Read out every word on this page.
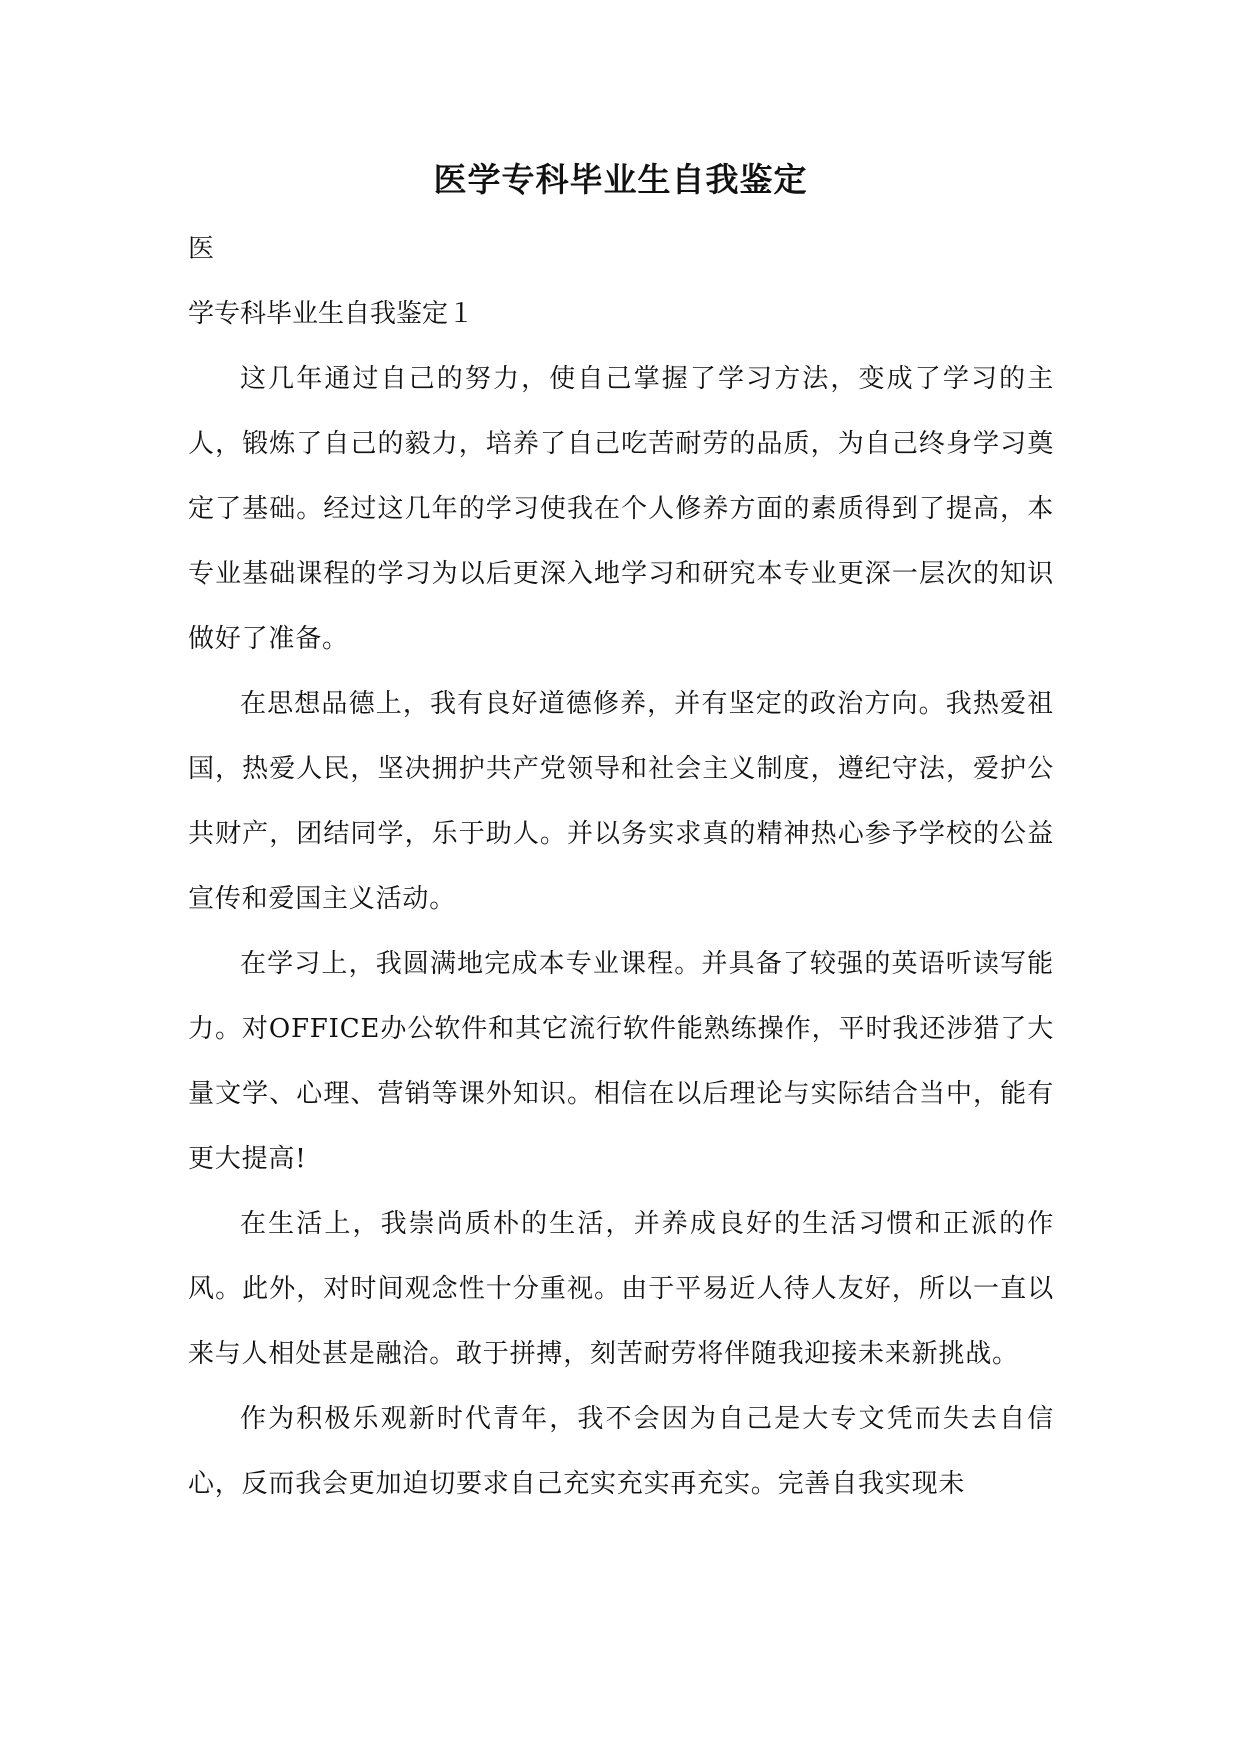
医学专科毕业生自我鉴定

医

学专科毕业生自我鉴定１

这几年通过自己的努力，使自己掌握了学习方法，变成了学习的主人，锻炼了自己的毅力，培养了自己吃苦耐劳的品质，为自己终身学习奠定了基础。经过这几年的学习使我在个人修养方面的素质得到了提高，本专业基础课程的学习为以后更深入地学习和研究本专业更深一层次的知识做好了准备。

在思想品德上，我有良好道德修养，并有坚定的政治方向。我热爱祖国，热爱人民，坚决拥护共产党领导和社会主义制度，遵纪守法，爱护公共财产，团结同学，乐于助人。并以务实求真的精神热心参予学校的公益宣传和爱国主义活动。

在学习上，我圆满地完成本专业课程。并具备了较强的英语听读写能力。对OFFICE办公软件和其它流行软件能熟练操作，平时我还涉猎了大量文学、心理、营销等课外知识。相信在以后理论与实际结合当中，能有更大提高!

在生活上，我崇尚质朴的生活，并养成良好的生活习惯和正派的作风。此外，对时间观念性十分重视。由于平易近人待人友好，所以一直以来与人相处甚是融洽。敢于拼搏，刻苦耐劳将伴随我迎接未来新挑战。

作为积极乐观新时代青年，我不会因为自己是大专文凭而失去自信心，反而我会更加迫切要求自己充实充实再充实。完善自我实现未
